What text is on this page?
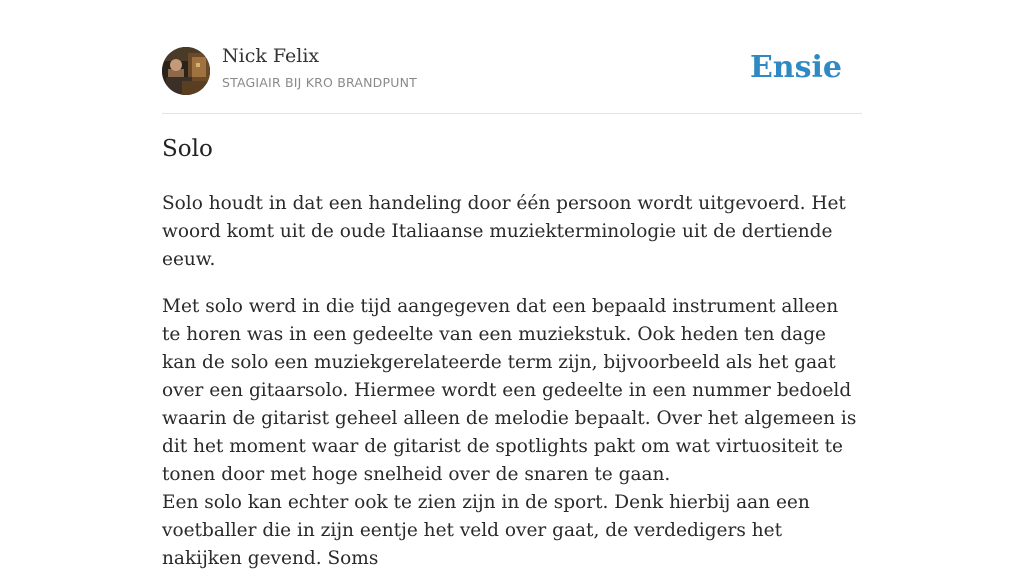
Nick Felix
STAGIAIR BIJ KRO BRANDPUNT	Ensie
Solo

Solo houdt in dat een handeling door één persoon wordt uitgevoerd. Het woord komt uit de oude Italiaanse muziekterminologie uit de dertiende eeuw.

Met solo werd in die tijd aangegeven dat een bepaald instrument alleen te horen was in een gedeelte van een muziekstuk. Ook heden ten dage kan de solo een muziekgerelateerde term zijn, bijvoorbeeld als het gaat over een gitaarsolo. Hiermee wordt een gedeelte in een nummer bedoeld waarin de gitarist geheel alleen de melodie bepaalt. Over het algemeen is dit het moment waar de gitarist de spotlights pakt om wat virtuositeit te tonen door met hoge snelheid over de snaren te gaan.

Een solo kan echter ook te zien zijn in de sport. Denk hierbij aan een voetballer die in zijn eentje het veld over gaat, de verdedigers het nakijken gevend. Soms
